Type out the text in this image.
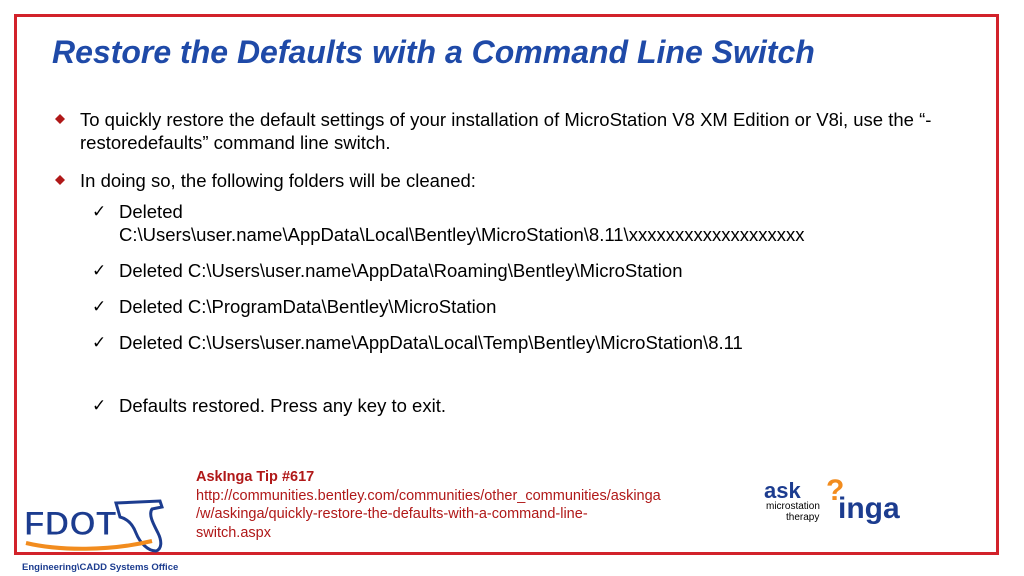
Restore the Defaults with a Command Line Switch
To quickly restore the default settings of your installation of MicroStation V8 XM Edition or V8i, use the “-restoredefaults” command line switch.
In doing so, the following folders will be cleaned:
✓ Deleted
C:\Users\user.name\AppData\Local\Bentley\MicroStation\8.11\xxxxxxxxxxxxxxxxxxx
✓ Deleted C:\Users\user.name\AppData\Roaming\Bentley\MicroStation
✓ Deleted C:\ProgramData\Bentley\MicroStation
✓ Deleted C:\Users\user.name\AppData\Local\Temp\Bentley\MicroStation\8.11
✓ Defaults restored. Press any key to exit.
AskInga Tip #617
http://communities.bentley.com/communities/other_communities/askinga
/w/askinga/quickly-restore-the-defaults-with-a-command-line-
switch.aspx
FDOT
Engineering\CADD Systems Office
ask ?
inga
microstation
therapy
